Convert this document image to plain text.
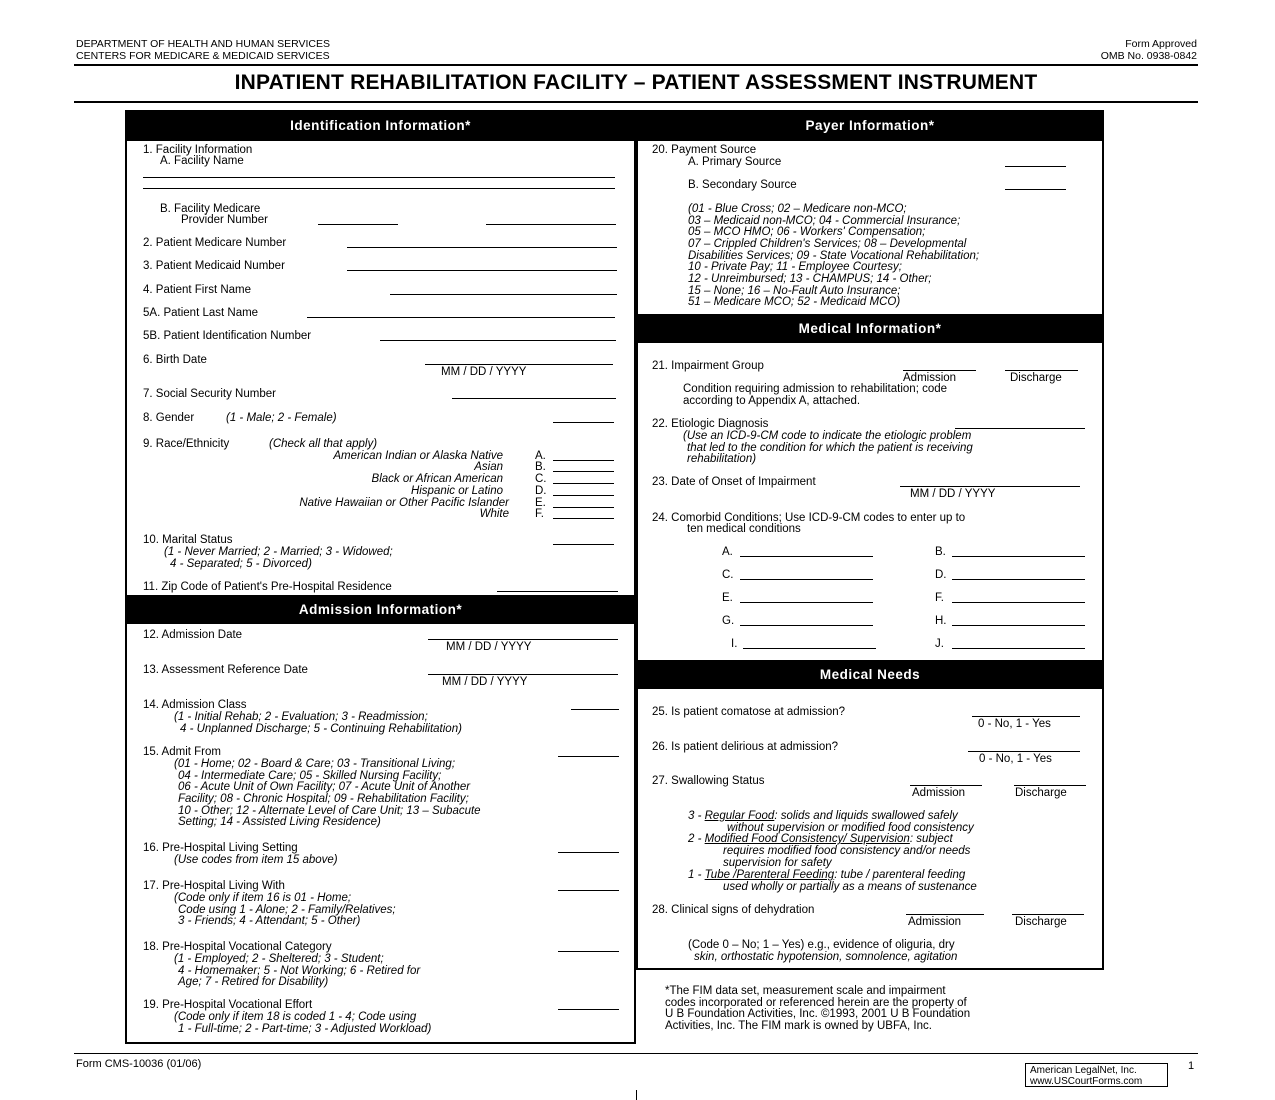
DEPARTMENT OF HEALTH AND HUMAN SERVICES
CENTERS FOR MEDICARE & MEDICAID SERVICES
Form Approved
OMB No. 0938-0842
INPATIENT REHABILITATION FACILITY – PATIENT ASSESSMENT INSTRUMENT
Identification Information*	Payer Information*
Admission Information*
Medical Information*
Medical Needs
1. Facility Information
A. Facility Name
B. Facility Medicare
Provider Number
2. Patient Medicare Number
3. Patient Medicaid Number
4. Patient First Name
5A. Patient Last Name
5B. Patient Identification Number
6. Birth Date
MM / DD / YYYY
7. Social Security Number
8. Gender	(1 - Male; 2 - Female)
9. Race/Ethnicity	(Check all that apply)
American Indian or Alaska Native	A.
Asian	B.
Black or African American	C.
Hispanic or Latino	D.
Native Hawaiian or Other Pacific Islander E.
White F.
10. Marital Status
(1 - Never Married; 2 - Married; 3 - Widowed;
4 - Separated; 5 - Divorced)
11. Zip Code of Patient's Pre-Hospital Residence
12. Admission Date
MM / DD / YYYY
13. Assessment Reference Date
MM / DD / YYYY
14. Admission Class
(1 - Initial Rehab; 2 - Evaluation; 3 - Readmission;
4 - Unplanned Discharge; 5 - Continuing Rehabilitation)
15. Admit From
(01 - Home; 02 - Board & Care; 03 - Transitional Living;
04 - Intermediate Care; 05 - Skilled Nursing Facility;
06 - Acute Unit of Own Facility; 07 - Acute Unit of Another
Facility; 08 - Chronic Hospital; 09 - Rehabilitation Facility;
10 - Other; 12 - Alternate Level of Care Unit; 13 – Subacute
Setting; 14 - Assisted Living Residence)
16. Pre-Hospital Living Setting
(Use codes from item 15 above)
17. Pre-Hospital Living With
(Code only if item 16 is 01 - Home;
Code using 1 - Alone; 2 - Family/Relatives;
3 - Friends; 4 - Attendant; 5 - Other)
18. Pre-Hospital Vocational Category
(1 - Employed; 2 - Sheltered; 3 - Student;
4 - Homemaker; 5 - Not Working; 6 - Retired for
Age; 7 - Retired for Disability)
19. Pre-Hospital Vocational Effort
(Code only if item 18 is coded 1 - 4; Code using
1 - Full-time; 2 - Part-time; 3 - Adjusted Workload)
20. Payment Source
A. Primary Source
B. Secondary Source
(01 - Blue Cross; 02 – Medicare non-MCO;
03 – Medicaid non-MCO; 04 - Commercial Insurance;
05 – MCO HMO; 06 - Workers' Compensation;
07 – Crippled Children's Services; 08 – Developmental
Disabilities Services; 09 - State Vocational Rehabilitation;
10 - Private Pay; 11 - Employee Courtesy;
12 - Unreimbursed; 13 - CHAMPUS; 14 - Other;
15 – None; 16 – No-Fault Auto Insurance;
51 – Medicare MCO; 52 - Medicaid MCO)
21. Impairment Group
Admission	Discharge
Condition requiring admission to rehabilitation; code
according to Appendix A, attached.
22. Etiologic Diagnosis
(Use an ICD-9-CM code to indicate the etiologic problem
that led to the condition for which the patient is receiving
rehabilitation)
23. Date of Onset of Impairment
MM / DD / YYYY
24. Comorbid Conditions; Use ICD-9-CM codes to enter up to
ten medical conditions
A.	B.
C.	D.
E.	F.
G.	H.
I.	J.
25. Is patient comatose at admission?
0 - No, 1 - Yes
26. Is patient delirious at admission?
0 - No, 1 - Yes
27. Swallowing Status
Admission	Discharge
3 - Regular Food: solids and liquids swallowed safely
without supervision or modified food consistency
2 - Modified Food Consistency/ Supervision: subject
requires modified food consistency and/or needs
supervision for safety
1 - Tube /Parenteral Feeding: tube / parenteral feeding
used wholly or partially as a means of sustenance
28. Clinical signs of dehydration
Admission	Discharge
(Code 0 – No; 1 – Yes) e.g., evidence of oliguria, dry
skin, orthostatic hypotension, somnolence, agitation
*The FIM data set, measurement scale and impairment
codes incorporated or referenced herein are the property of
U B Foundation Activities, Inc. ©1993, 2001 U B Foundation
Activities, Inc. The FIM mark is owned by UBFA, Inc.
Form CMS-10036 (01/06)	1
American LegalNet, Inc.
www.USCourtForms.com
